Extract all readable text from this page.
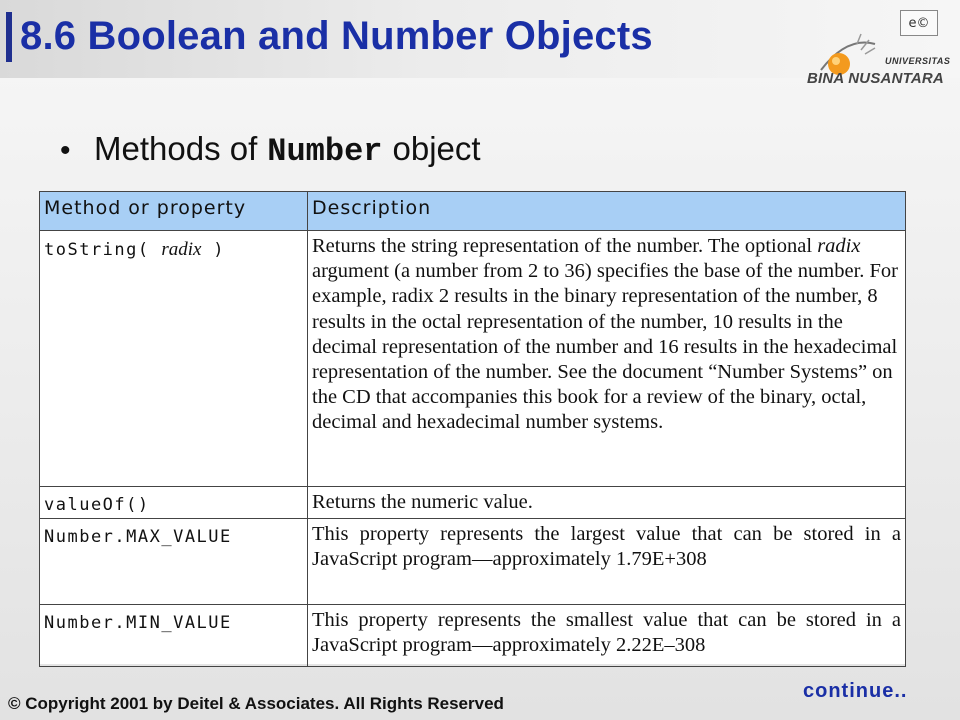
8.6 Boolean and Number Objects	e©
UNIVERSITAS
BINA NUSANTARA
• Methods of Number object
Method or property	Description
toString( radix )	Returns the string representation of the number. The optional radix argument (a number from 2 to 36) specifies the base of the number. For example, radix 2 results in the binary representation of the number, 8 results in the octal representation of the number, 10 results in the decimal representation of the number and 16 results in the hexadecimal representation of the number. See the document “Number Systems” on the CD that accompanies this book for a review of the binary, octal, decimal and hexadecimal number systems.
valueOf()	Returns the numeric value.
Number.MAX_VALUE	This property represents the largest value that can be stored in a JavaScript program—approximately 1.79E+308
Number.MIN_VALUE	This property represents the smallest value that can be stored in a JavaScript program—approximately 2.22E–308
continue..
© Copyright 2001 by Deitel & Associates. All Rights Reserved
